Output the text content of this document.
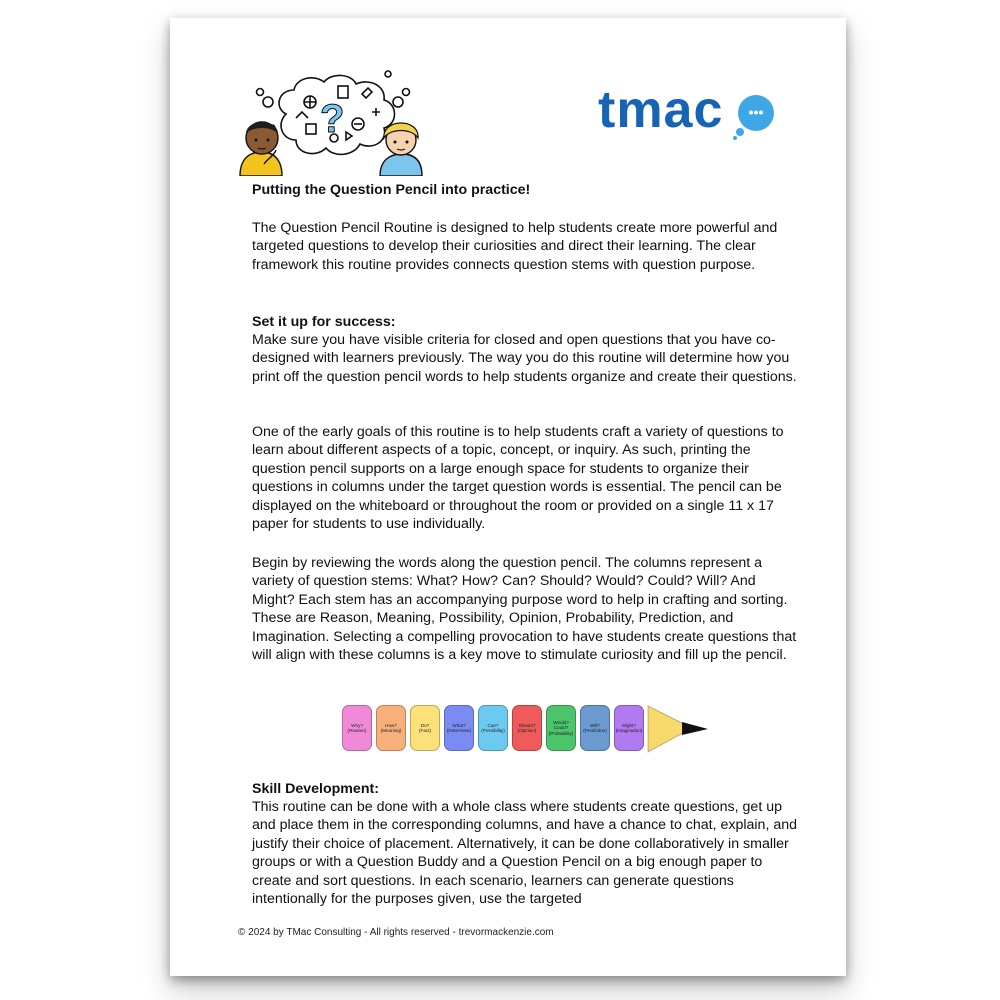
?	tmac •••
Putting the Question Pencil into practice!
The Question Pencil Routine is designed to help students create more powerful and targeted questions to develop their curiosities and direct their learning. The clear framework this routine provides connects question stems with question purpose.
Set it up for success:
Make sure you have visible criteria for closed and open questions that you have co-designed with learners previously. The way you do this routine will determine how you print off the question pencil words to help students organize and create their questions.
One of the early goals of this routine is to help students craft a variety of questions to learn about different aspects of a topic, concept, or inquiry. As such, printing the question pencil supports on a large enough space for students to organize their questions in columns under the target question words is essential. The pencil can be displayed on the whiteboard or throughout the room or provided on a single 11 x 17 paper for students to use individually.
Begin by reviewing the words along the question pencil. The columns represent a variety of question stems: What? How? Can? Should? Would? Could? Will? And Might? Each stem has an accompanying purpose word to help in crafting and sorting. These are Reason, Meaning, Possibility, Opinion, Probability, Prediction, and Imagination. Selecting a compelling provocation to have students create questions that will align with these columns is a key move to stimulate curiosity and fill up the pencil.
Why?
(Reason)
How?
(Meaning)
Do?
(Fact)
What?
(Determine)
Can?
(Possibility)
Should?
(Opinion)
Would? Could?
(Probability)
Will?
(Prediction)
Might?
(Imagination)
Skill Development:
This routine can be done with a whole class where students create questions, get up and place them in the corresponding columns, and have a chance to chat, explain, and justify their choice of placement. Alternatively, it can be done collaboratively in smaller groups or with a Question Buddy and a Question Pencil on a big enough paper to create and sort questions. In each scenario, learners can generate questions intentionally for the purposes given, use the targeted
© 2024 by TMac Consulting - All rights reserved - trevormackenzie.com
